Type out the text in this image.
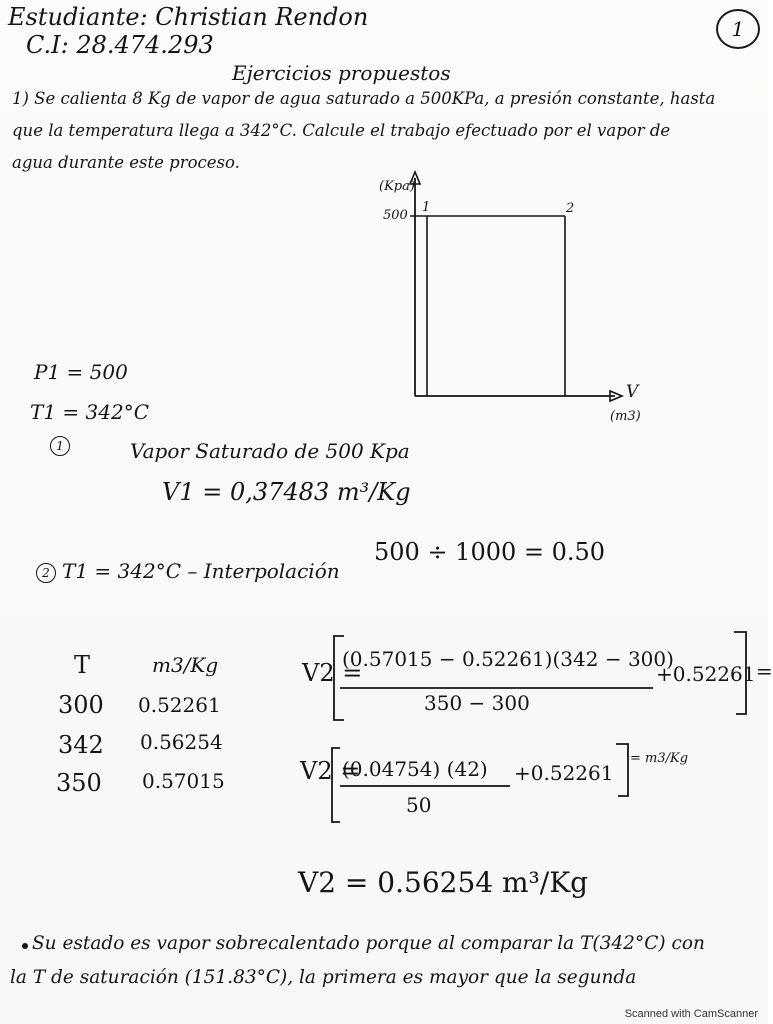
Estudiante: Christian Rendon
C.I: 28.474.293
1
Ejercicios propuestos
1) Se calienta 8 Kg de vapor de agua saturado a 500KPa, a presión constante, hasta
que la temperatura llega a 342°C. Calcule el trabajo efectuado por el vapor de
agua durante este proceso.
(Kpa)
500
1	2
V
(m3)
P1 = 500
T1 = 342°C
1	Vapor Saturado de 500 Kpa
V1 = 0,37483 m³/Kg
500 ÷ 1000 = 0.50
2 T1 = 342°C – Interpolación
T	m3/Kg
300 0.52261
342 0.56254
350 0.57015
V2 =
(0.57015 − 0.52261)(342 − 300)
350 − 300
+0.52261 =
V2 =
(0.04754) (42)
50
+0.52261
= m3/Kg
V2 = 0.56254 m³/Kg
Su estado es vapor sobrecalentado porque al comparar la T(342°C) con
la T de saturación (151.83°C), la primera es mayor que la segunda
Scanned with CamScanner
